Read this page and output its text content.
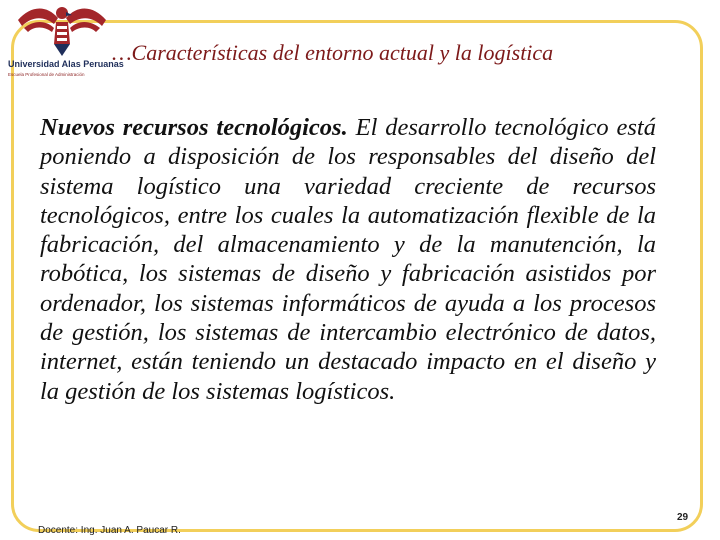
Universidad Alas Peruanas
Escuela Profesional de Administración
…Características del entorno actual y la logística

Nuevos recursos tecnológicos. El desarrollo tecnológico está poniendo a disposición de los responsables del diseño del sistema logístico una variedad creciente de recursos tecnológicos, entre los cuales la automatización flexible de la fabricación, del almacenamiento y de la manutención, la robótica, los sistemas de diseño y fabricación asistidos por ordenador, los sistemas informáticos de ayuda a los procesos de gestión, los sistemas de intercambio electrónico de datos, internet, están teniendo un destacado impacto en el diseño y la gestión de los sistemas logísticos.

Docente: Ing. Juan A. Paucar R.
29
